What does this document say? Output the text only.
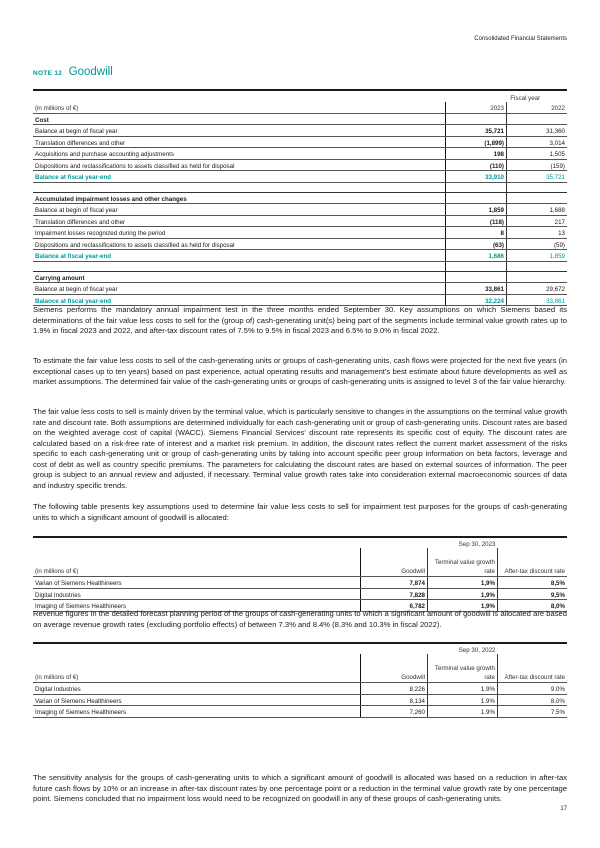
Consolidated Financial Statements
NOTE 12 Goodwill
	Fiscal year	
(in millions of €)	2023	2022
Cost		
Balance at begin of fiscal year	35,721	31,360
Translation differences and other	(1,899)	3,014
Acquisitions and purchase accounting adjustments	198	1,505
Dispositions and reclassifications to assets classified as held for disposal	(110)	(159)
Balance at fiscal year-end	33,910	35,721

Accumulated impairment losses and other changes		
Balance at begin of fiscal year	1,859	1,688
Translation differences and other	(118)	217
Impairment losses recognized during the period	8	13
Dispositions and reclassifications to assets classified as held for disposal	(63)	(59)
Balance at fiscal year-end	1,686	1,859

Carrying amount		
Balance at begin of fiscal year	33,861	29,672
Balance at fiscal year-end	32,224	33,861

Siemens performs the mandatory annual impairment test in the three months ended September 30. Key assumptions on which Siemens based its determinations of the fair value less costs to sell for the (group of) cash-generating unit(s) being part of the segments include terminal value growth rates up to 1.9% in fiscal 2023 and 2022, and after-tax discount rates of 7.5% to 9.5% in fiscal 2023 and 6.5% to 9.0% in fiscal 2022.

To estimate the fair value less costs to sell of the cash-generating units or groups of cash-generating units, cash flows were projected for the next five years (in exceptional cases up to ten years) based on past experience, actual operating results and management's best estimate about future developments as well as market assumptions. The determined fair value of the cash-generating units or groups of cash-generating units is assigned to level 3 of the fair value hierarchy.

The fair value less costs to sell is mainly driven by the terminal value, which is particularly sensitive to changes in the assumptions on the terminal value growth rate and discount rate. Both assumptions are determined individually for each cash-generating unit or group of cash-generating units. Discount rates are based on the weighted average cost of capital (WACC). Siemens Financial Services' discount rate represents its specific cost of equity. The discount rates are calculated based on a risk-free rate of interest and a market risk premium. In addition, the discount rates reflect the current market assessment of the risks specific to each cash-generating unit or group of cash-generating units by taking into account specific peer group information on beta factors, leverage and cost of debt as well as country specific premiums. The parameters for calculating the discount rates are based on external sources of information. The peer group is subject to an annual review and adjusted, if necessary. Terminal value growth rates take into consideration external macroeconomic sources of data and industry specific trends.

The following table presents key assumptions used to determine fair value less costs to sell for impairment test purposes for the groups of cash-generating units to which a significant amount of goodwill is allocated:

		Sep 30, 2023	
(in millions of €)	Goodwill	Terminal value growth rate	After-tax discount rate
Varian of Siemens Healthineers	7,874	1,9%	8,5%
Digital Industries	7,828	1,9%	9,5%
Imaging of Siemens Healthineers	6,782	1,9%	8,0%

Revenue figures in the detailed forecast planning period of the groups of cash-generating units to which a significant amount of goodwill is allocated are based on average revenue growth rates (excluding portfolio effects) of between 7.3% and 8.4% (8.3% and 10.3% in fiscal 2022).

		Sep 30, 2022	
(in millions of €)	Goodwill	Terminal value growth rate	After-tax discount rate
Digital Industries	8,226	1.9%	9.0%
Varian of Siemens Healthineers	8,134	1.9%	8.0%
Imaging of Siemens Healthineers	7,260	1.9%	7.5%

The sensitivity analysis for the groups of cash-generating units to which a significant amount of goodwill is allocated was based on a reduction in after-tax future cash flows by 10% or an increase in after-tax discount rates by one percentage point or a reduction in the terminal value growth rate by one percentage point. Siemens concluded that no impairment loss would need to be recognized on goodwill in any of these groups of cash-generating units.

17
